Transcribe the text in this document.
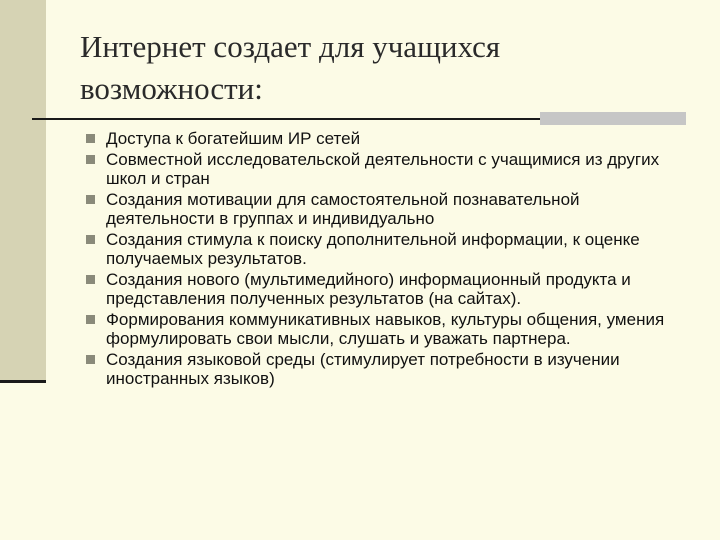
Интернет создает для учащихся
возможности:
Доступа к богатейшим ИР сетей
Совместной исследовательской деятельности с учащимися из других школ и стран
Создания мотивации для самостоятельной познавательной деятельности в группах и индивидуально
Создания стимула к поиску дополнительной информации, к оценке получаемых результатов.
Создания нового (мультимедийного) информационный продукта и представления полученных результатов (на сайтах).
Формирования коммуникативных навыков, культуры общения, умения формулировать свои мысли, слушать и уважать партнера.
Создания языковой среды (стимулирует потребности в изучении иностранных языков)
